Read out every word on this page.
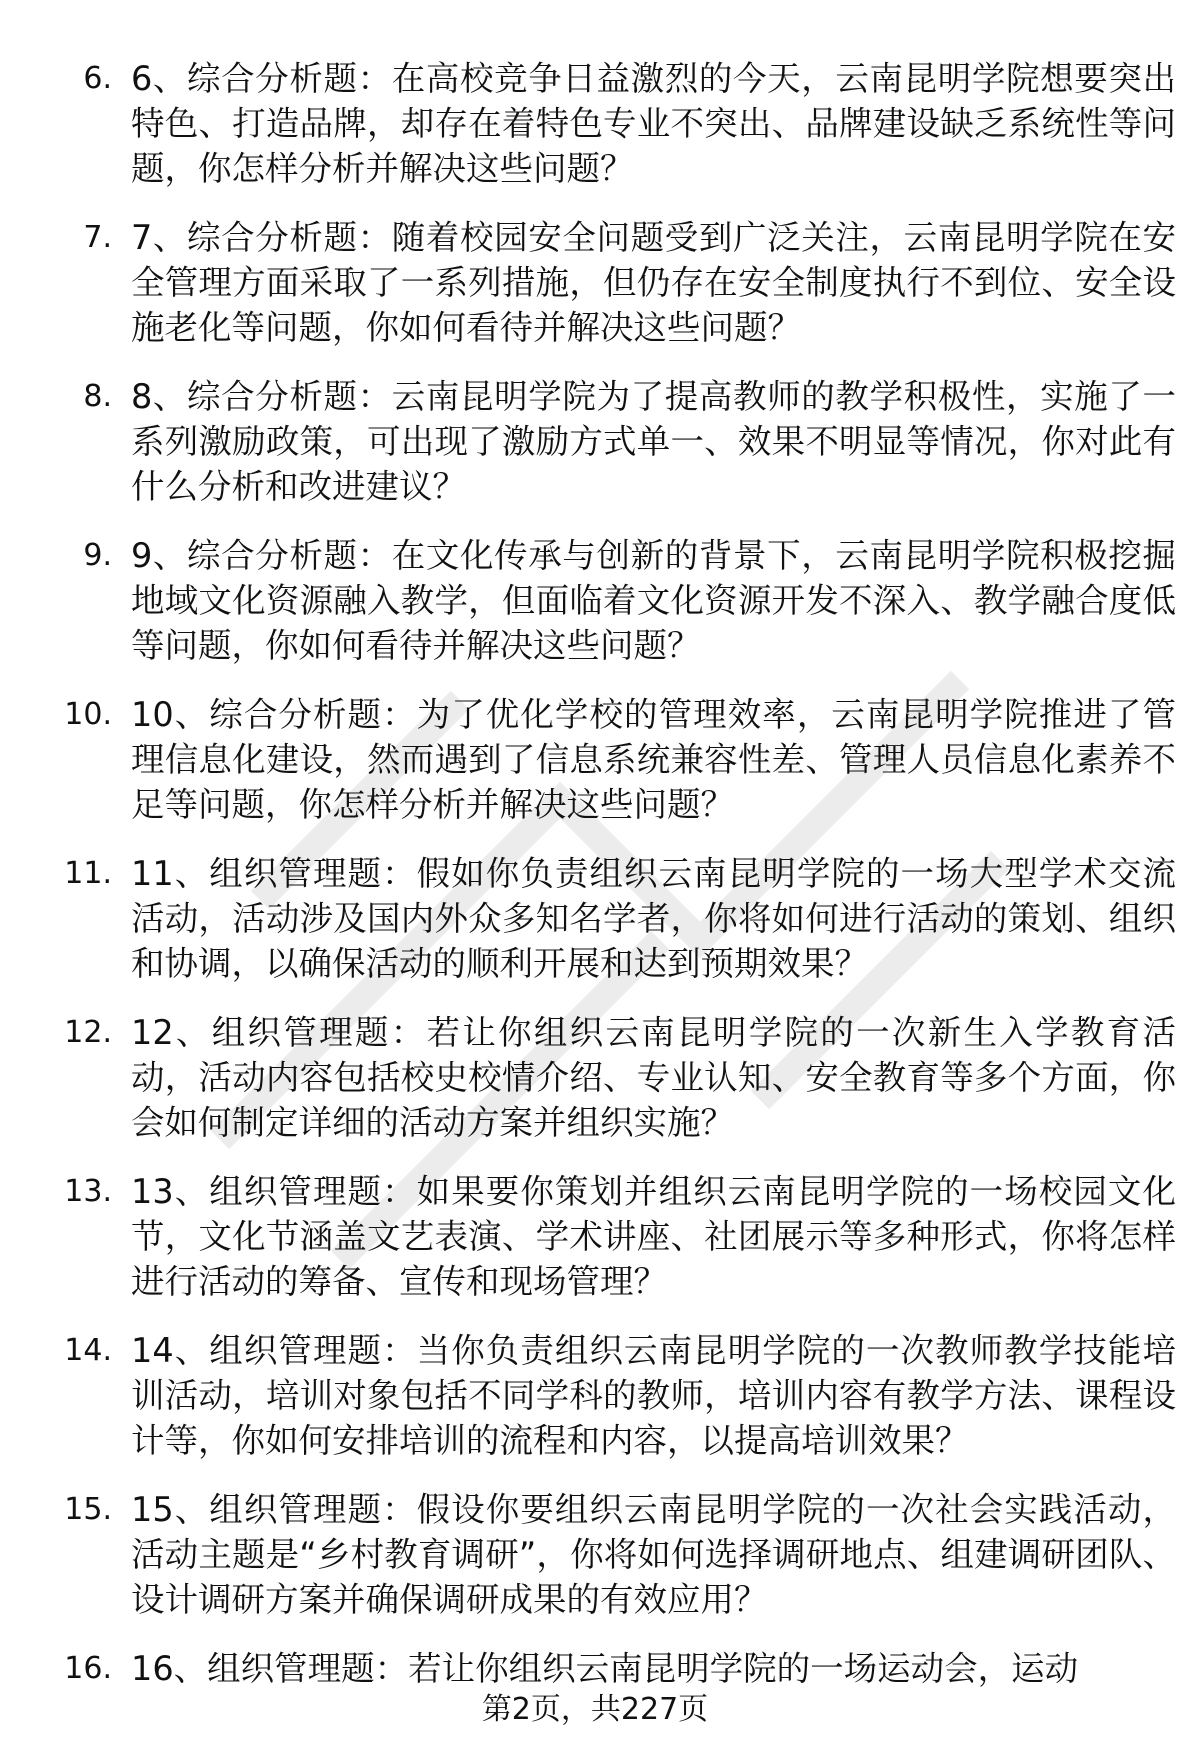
6. 6、综合分析题：在高校竞争日益激烈的今天，云南昆明学院想要突出特色、打造品牌，却存在着特色专业不突出、品牌建设缺乏系统性等问题，你怎样分析并解决这些问题？
7. 7、综合分析题：随着校园安全问题受到广泛关注，云南昆明学院在安全管理方面采取了一系列措施，但仍存在安全制度执行不到位、安全设施老化等问题，你如何看待并解决这些问题？
8. 8、综合分析题：云南昆明学院为了提高教师的教学积极性，实施了一系列激励政策，可出现了激励方式单一、效果不明显等情况，你对此有什么分析和改进建议？
9. 9、综合分析题：在文化传承与创新的背景下，云南昆明学院积极挖掘地域文化资源融入教学，但面临着文化资源开发不深入、教学融合度低等问题，你如何看待并解决这些问题？
10. 10、综合分析题：为了优化学校的管理效率，云南昆明学院推进了管理信息化建设，然而遇到了信息系统兼容性差、管理人员信息化素养不足等问题，你怎样分析并解决这些问题？
11. 11、组织管理题：假如你负责组织云南昆明学院的一场大型学术交流活动，活动涉及国内外众多知名学者，你将如何进行活动的策划、组织和协调，以确保活动的顺利开展和达到预期效果？
12. 12、组织管理题：若让你组织云南昆明学院的一次新生入学教育活动，活动内容包括校史校情介绍、专业认知、安全教育等多个方面，你会如何制定详细的活动方案并组织实施？
13. 13、组织管理题：如果要你策划并组织云南昆明学院的一场校园文化节，文化节涵盖文艺表演、学术讲座、社团展示等多种形式，你将怎样进行活动的筹备、宣传和现场管理？
14. 14、组织管理题：当你负责组织云南昆明学院的一次教师教学技能培训活动，培训对象包括不同学科的教师，培训内容有教学方法、课程设计等，你如何安排培训的流程和内容，以提高培训效果？
15. 15、组织管理题：假设你要组织云南昆明学院的一次社会实践活动，活动主题是“乡村教育调研”，你将如何选择调研地点、组建调研团队、设计调研方案并确保调研成果的有效应用？
16. 16、组织管理题：若让你组织云南昆明学院的一场运动会，运动
第2页，共227页
